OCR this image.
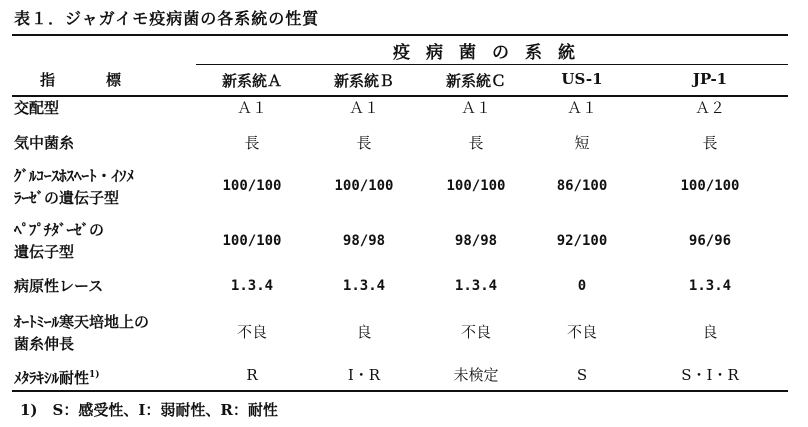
表１．ジャガイモ疫病菌の各系統の性質
疫病菌の系統
指　標	新系統Ａ	新系統Ｂ	新系統Ｃ	US-1	JP-1
交配型	Ａ１	Ａ１	Ａ１	Ａ１	Ａ２
気中菌糸	長	長	長	短	長
ｸﾞﾙｺｰｽﾎｽﾍｰﾄ・ｲｿﾒ
ﾗｰｾﾞの遺伝子型
100/100	100/100	100/100	86/100	100/100
ﾍﾟﾌﾟﾁﾀﾞｰｾﾞの
遺伝子型
100/100	98/98	98/98	92/100	96/96
病原性レース	1.3.4	1.3.4	1.3.4	0	1.3.4
ｵｰﾄﾐｰﾙ寒天培地上の
菌糸伸長
不良	良	不良	不良	良
ﾒﾀﾗｷｼﾙ耐性$^{1)}$	R	I・R	未検定	S	S・I・R
1)　S：感受性、I：弱耐性、R：耐性
